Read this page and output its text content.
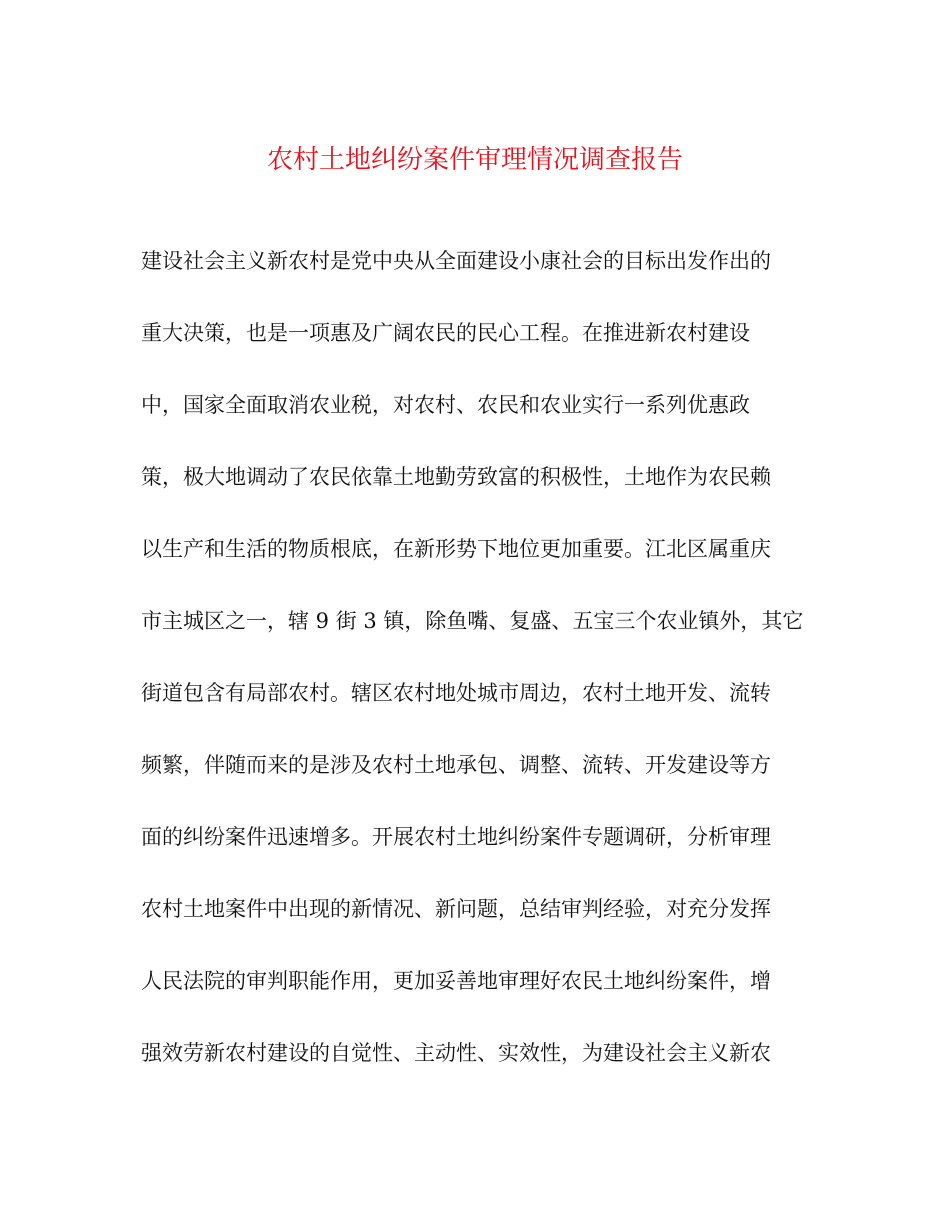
农村土地纠纷案件审理情况调查报告

建设社会主义新农村是党中央从全面建设小康社会的目标出发作出的

重大决策，也是一项惠及广阔农民的民心工程。在推进新农村建设

中，国家全面取消农业税，对农村、农民和农业实行一系列优惠政

策，极大地调动了农民依靠土地勤劳致富的积极性，土地作为农民赖

以生产和生活的物质根底，在新形势下地位更加重要。江北区属重庆

市主城区之一，辖 9 街 3 镇，除鱼嘴、复盛、五宝三个农业镇外，其它

街道包含有局部农村。辖区农村地处城市周边，农村土地开发、流转

频繁，伴随而来的是涉及农村土地承包、调整、流转、开发建设等方

面的纠纷案件迅速增多。开展农村土地纠纷案件专题调研，分析审理

农村土地案件中出现的新情况、新问题，总结审判经验，对充分发挥

人民法院的审判职能作用，更加妥善地审理好农民土地纠纷案件，增

强效劳新农村建设的自觉性、主动性、实效性，为建设社会主义新农
